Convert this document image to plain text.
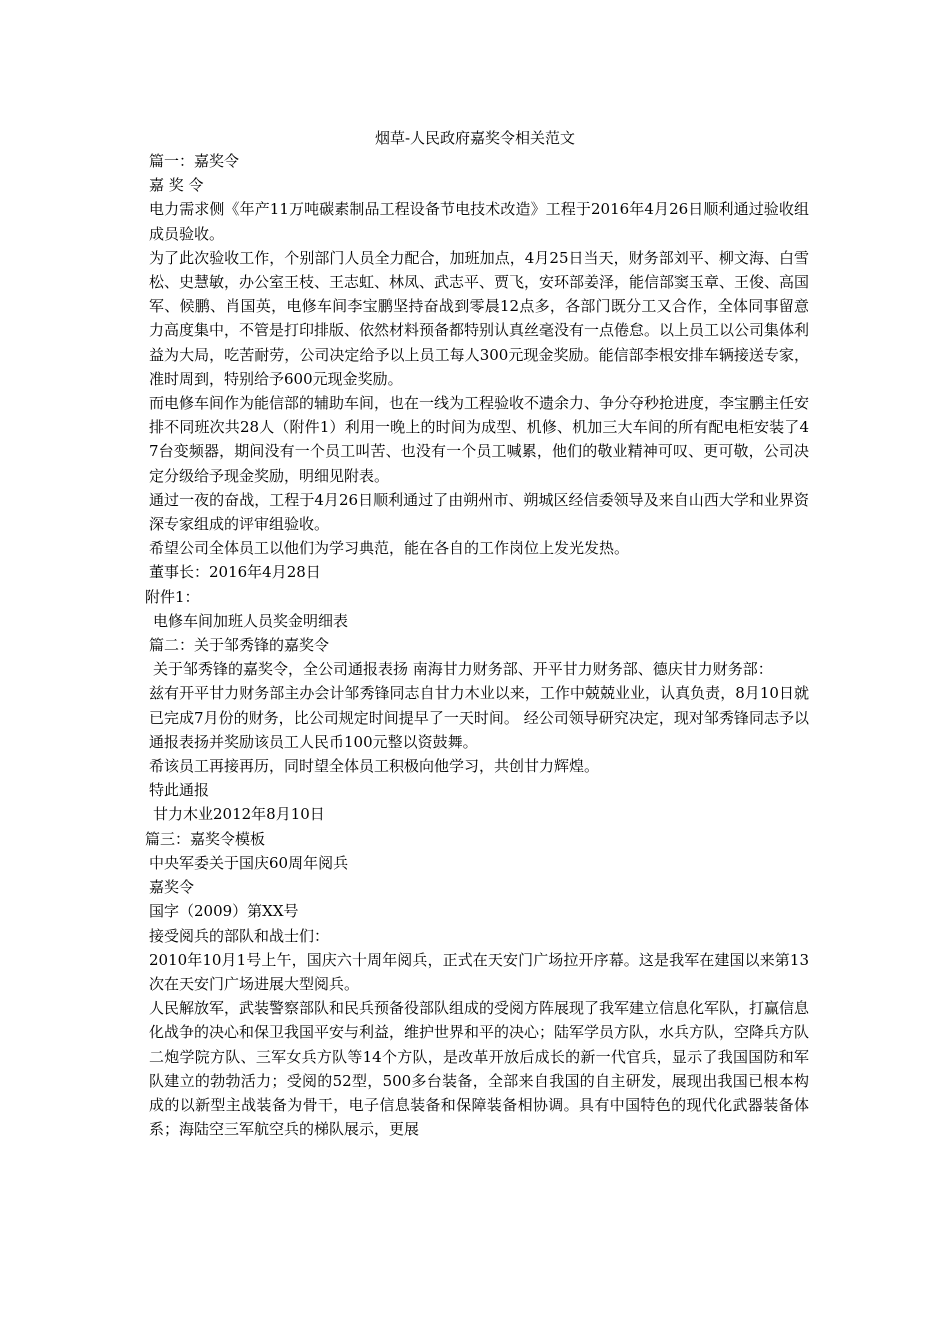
烟草-人民政府嘉奖令相关范文

篇一：嘉奖令

嘉 奖 令

电力需求侧《年产11万吨碳素制品工程设备节电技术改造》工程于2016年4月26日顺利通过验收组成员验收。

为了此次验收工作，个别部门人员全力配合，加班加点，4月25日当天，财务部刘平、柳文海、白雪松、史慧敏，办公室王枝、王志虹、林凤、武志平、贾飞，安环部姜泽，能信部窦玉章、王俊、高国军、候鹏、肖国英，电修车间李宝鹏坚持奋战到零晨12点多，各部门既分工又合作，全体同事留意力高度集中，不管是打印排版、依然材料预备都特别认真丝毫没有一点倦怠。以上员工以公司集体利益为大局，吃苦耐劳，公司决定给予以上员工每人300元现金奖励。能信部李根安排车辆接送专家，准时周到，特别给予600元现金奖励。

而电修车间作为能信部的辅助车间，也在一线为工程验收不遗余力、争分夺秒抢进度，李宝鹏主任安排不同班次共28人（附件1）利用一晚上的时间为成型、机修、机加三大车间的所有配电柜安装了47台变频器，期间没有一个员工叫苦、也没有一个员工喊累，他们的敬业精神可叹、更可敬，公司决定分级给予现金奖励，明细见附表。

通过一夜的奋战，工程于4月26日顺利通过了由朔州市、朔城区经信委领导及来自山西大学和业界资深专家组成的评审组验收。

希望公司全体员工以他们为学习典范，能在各自的工作岗位上发光发热。

董事长：2016年4月28日

附件1：

电修车间加班人员奖金明细表

篇二：关于邹秀锋的嘉奖令

关于邹秀锋的嘉奖令，全公司通报表扬 南海甘力财务部、开平甘力财务部、德庆甘力财务部：

兹有开平甘力财务部主办会计邹秀锋同志自甘力木业以来，工作中兢兢业业，认真负责，8月10日就已完成7月份的财务，比公司规定时间提早了一天时间。 经公司领导研究决定，现对邹秀锋同志予以通报表扬并奖励该员工人民币100元整以资鼓舞。

希该员工再接再历，同时望全体员工积极向他学习，共创甘力辉煌。

特此通报

甘力木业2012年8月10日

篇三：嘉奖令模板

中央军委关于国庆60周年阅兵

嘉奖令

国字（2009）第XX号

接受阅兵的部队和战士们：

2010年10月1号上午，国庆六十周年阅兵，正式在天安门广场拉开序幕。这是我军在建国以来第13次在天安门广场进展大型阅兵。

人民解放军，武装警察部队和民兵预备役部队组成的受阅方阵展现了我军建立信息化军队，打赢信息化战争的决心和保卫我国平安与利益，维护世界和平的决心；陆军学员方队，水兵方队，空降兵方队二炮学院方队、三军女兵方队等14个方队，是改革开放后成长的新一代官兵，显示了我国国防和军队建立的勃勃活力；受阅的52型，500多台装备，全部来自我国的自主研发，展现出我国已根本构成的以新型主战装备为骨干，电子信息装备和保障装备相协调。具有中国特色的现代化武器装备体系；海陆空三军航空兵的梯队展示，更展
